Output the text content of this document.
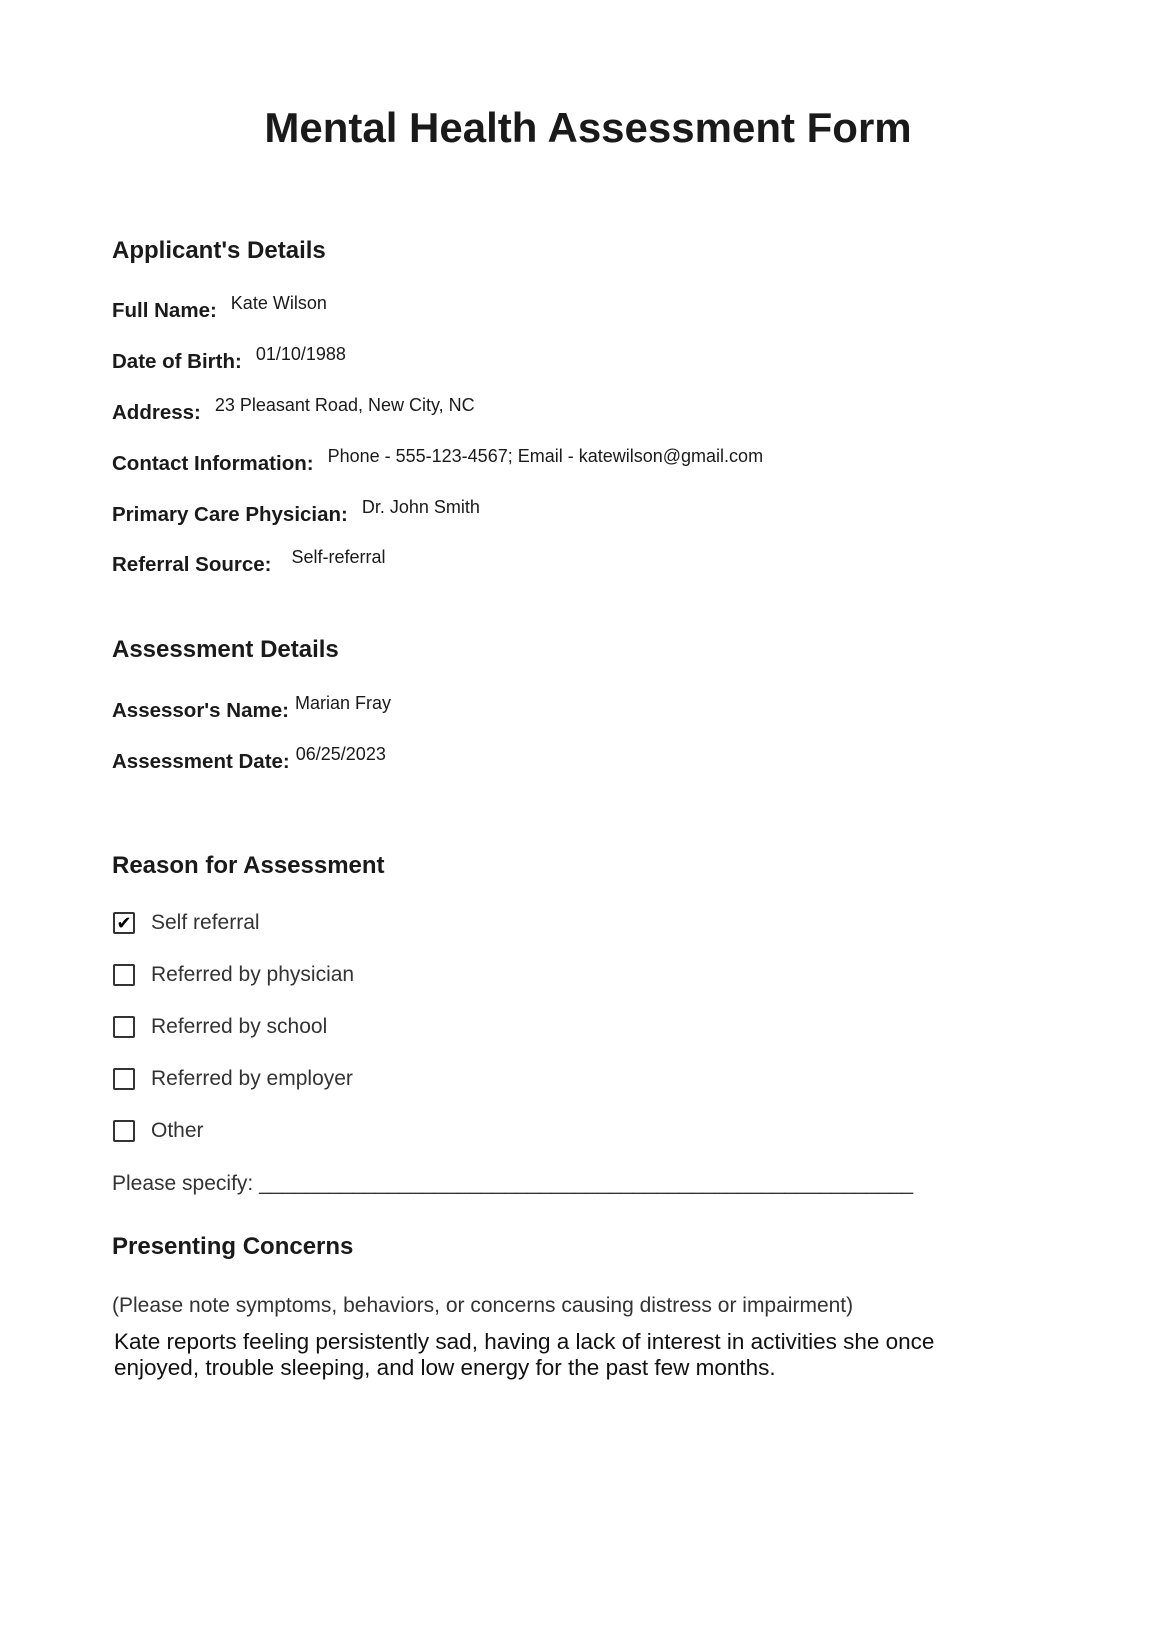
Mental Health Assessment Form
Applicant's Details
Full Name: Kate Wilson
Date of Birth: 01/10/1988
Address: 23 Pleasant Road, New City, NC
Contact Information: Phone - 555-123-4567; Email - katewilson@gmail.com
Primary Care Physician: Dr. John Smith
Referral Source: Self-referral
Assessment Details
Assessor's Name: Marian Fray
Assessment Date: 06/25/2023
Reason for Assessment
✔ Self referral
Referred by physician
Referred by school
Referred by employer
Other
Please specify: ________________________________________________________
Presenting Concerns
(Please note symptoms, behaviors, or concerns causing distress or impairment)
Kate reports feeling persistently sad, having a lack of interest in activities she once enjoyed, trouble sleeping, and low energy for the past few months.
